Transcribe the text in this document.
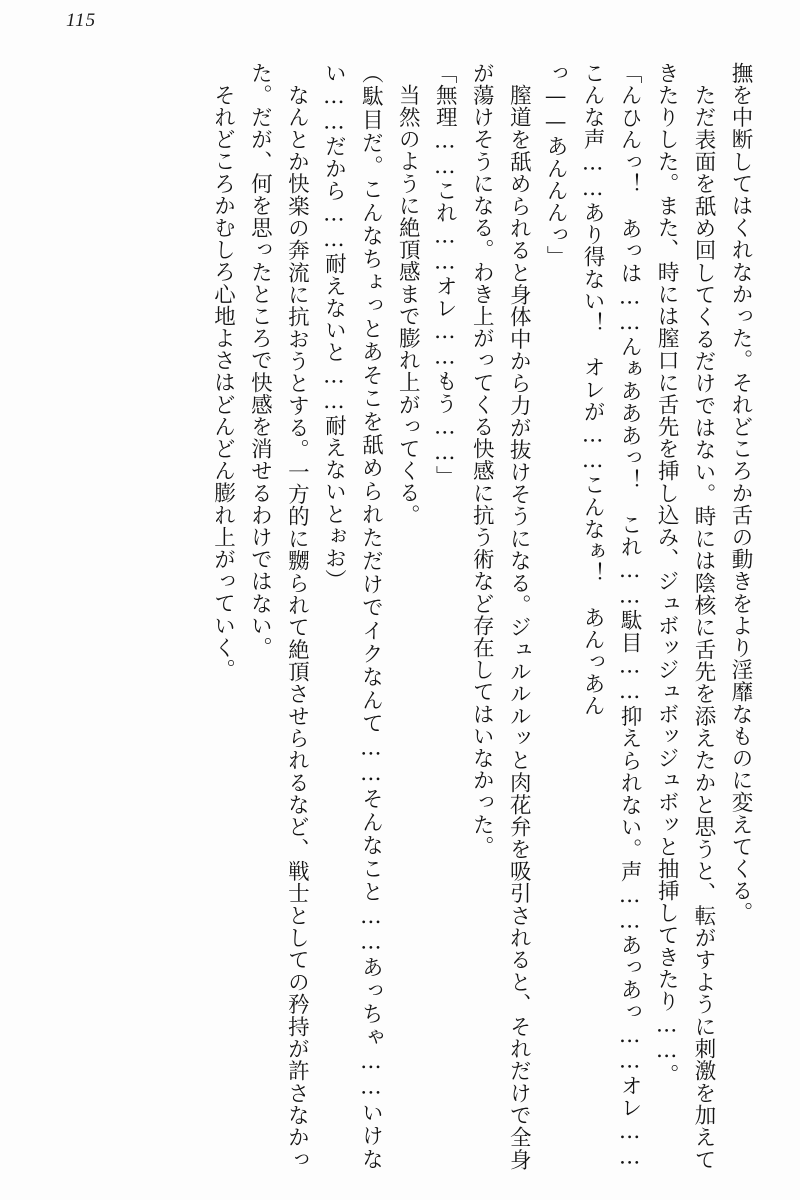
115

撫を中断してはくれなかった。それどころか舌の動きをより淫靡なものに変えてくる。

ただ表面を舐め回してくるだけではない。時には陰核に舌先を添えたかと思うと、転がすように刺激を加えてきたりした。また、時には膣口に舌先を挿し込み、ジュボッジュボッジュボッと抽挿してきたり……。

「んひんっ！　あっは……んぁあああっ！　これ……駄目……抑えられない。声……あっあっ……オレ……こんな声……あり得ない！　オレが……こんなぁ！　あんっあん

っ——あんんんっ」

膣道を舐められると身体中から力が抜けそうになる。ジュルルルッと肉花弁を吸引されると、それだけで全身が蕩けそうになる。わき上がってくる快感に抗う術など存在してはいなかった。

「無理……これ……オレ……もう……」

当然のように絶頂感まで膨れ上がってくる。

（駄目だ。こんなちょっとあそこを舐められただけでイクなんて……そんなこと……あっちゃ……いけない……だから……耐えないと……耐えないとぉお）

なんとか快楽の奔流に抗おうとする。一方的に嬲られて絶頂させられるなど、戦士としての矜持が許さなかった。だが、何を思ったところで快感を消せるわけではない。

それどころかむしろ心地よさはどんどん膨れ上がっていく。
